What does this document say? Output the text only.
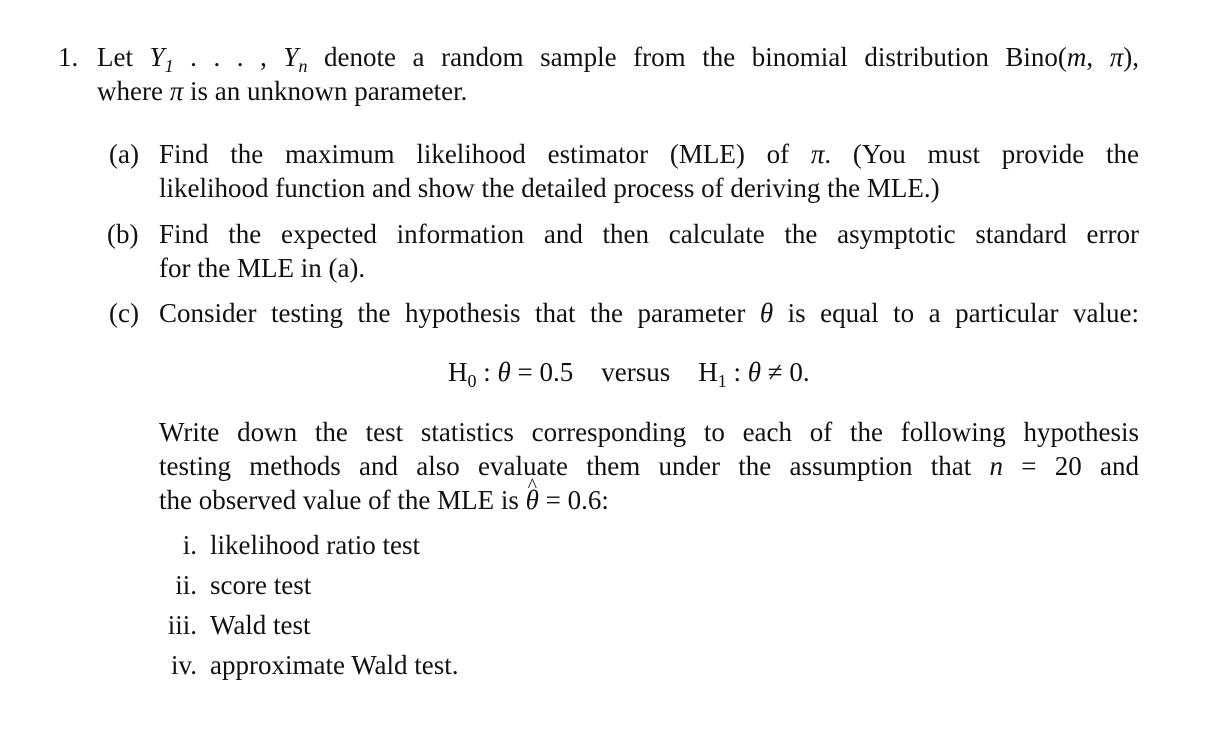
1. Let $Y_1$ . . . , $Y_n$ denote a random sample from the binomial distribution Bino(m, π),
where π is an unknown parameter.
(a) Find the maximum likelihood estimator (MLE) of π. (You must provide the
likelihood function and show the detailed process of deriving the MLE.)
(b) Find the expected information and then calculate the asymptotic standard error
for the MLE in (a).
(c) Consider testing the hypothesis that the parameter θ is equal to a particular value:
$H_0$ : θ = 0.5 versus $H_1$ : θ ≠ 0.
Write down the test statistics corresponding to each of the following hypothesis
testing methods and also evaluate them under the assumption that n = 20 and
the observed value of the MLE is θ ^ = 0.6:
i. likelihood ratio test
ii. score test
iii. Wald test
iv. approximate Wald test.
